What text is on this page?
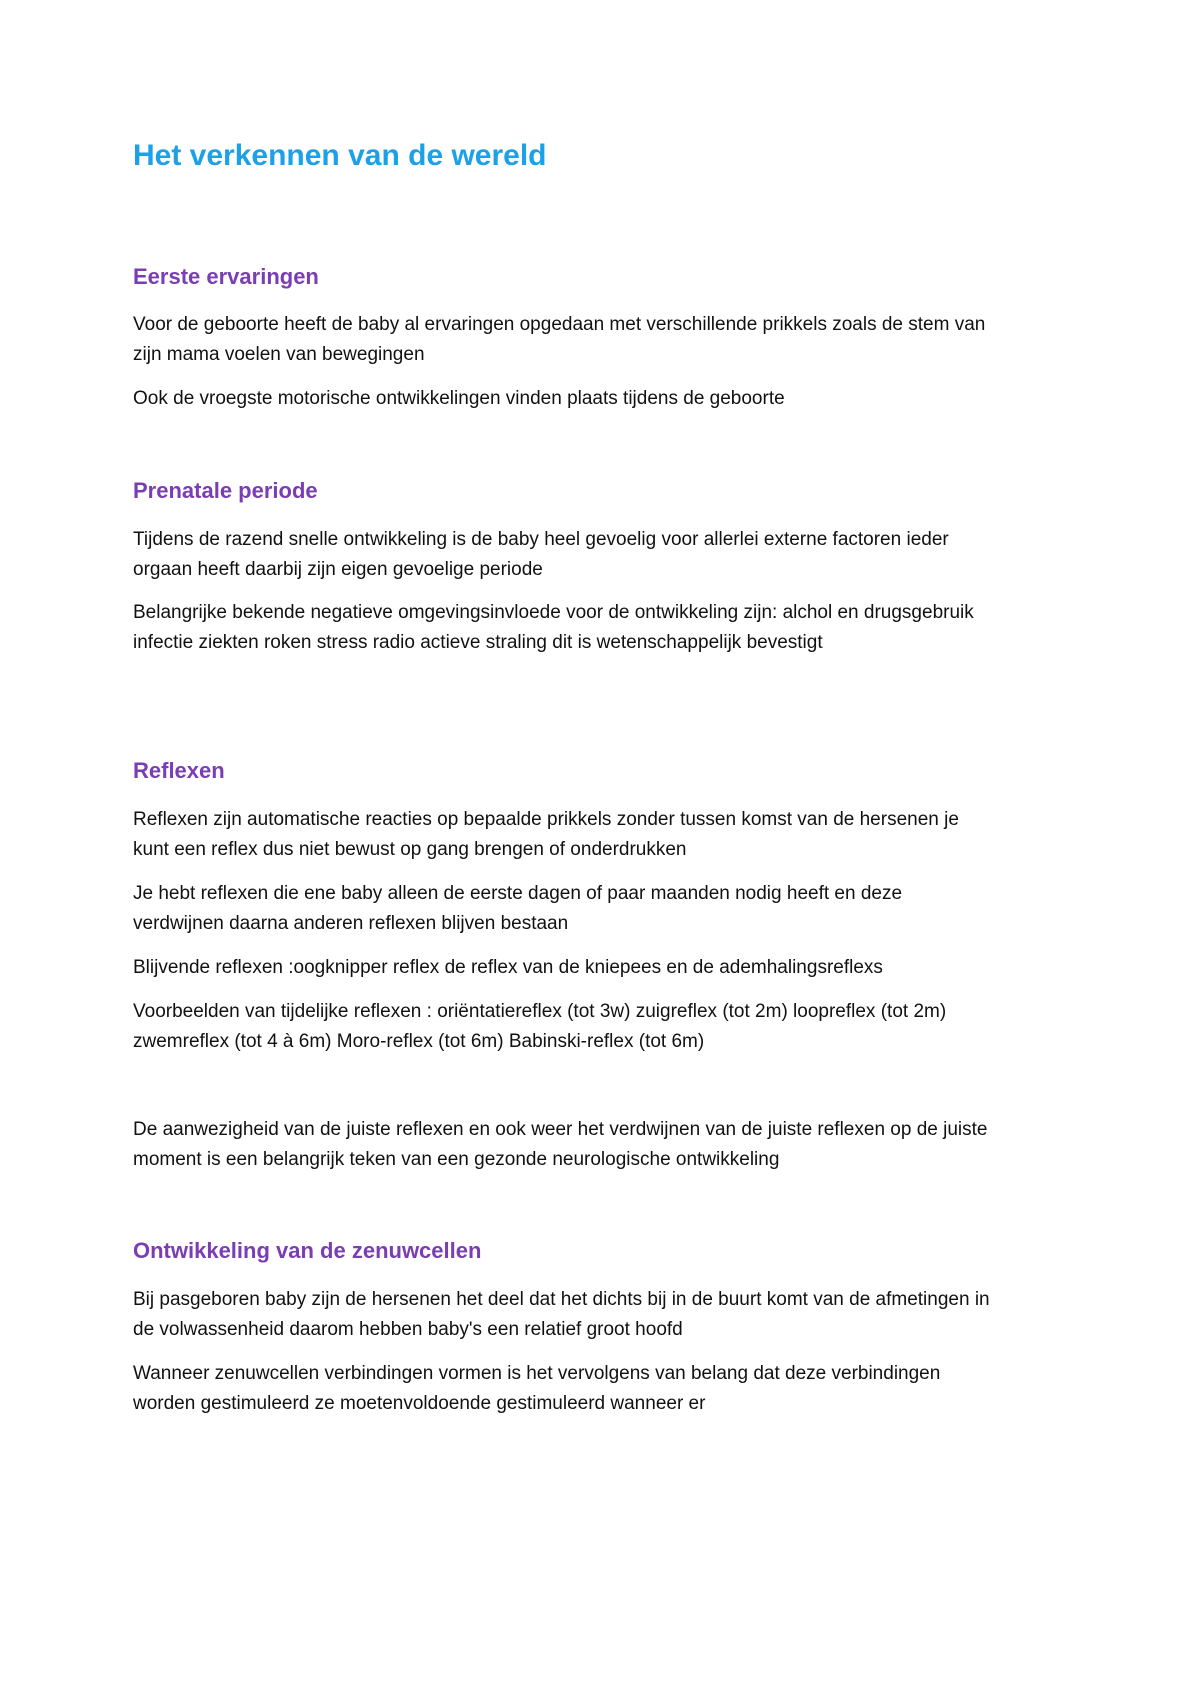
Het verkennen van de wereld
Eerste ervaringen

Voor de geboorte heeft de baby al ervaringen opgedaan met verschillende prikkels zoals de stem van zijn mama voelen van bewegingen

Ook de vroegste motorische ontwikkelingen vinden plaats tijdens de geboorte

Prenatale periode

Tijdens de razend snelle ontwikkeling is de baby heel gevoelig voor allerlei externe factoren ieder orgaan heeft daarbij zijn eigen gevoelige periode

Belangrijke bekende negatieve omgevingsinvloede voor de ontwikkeling zijn: alchol en drugsgebruik infectie ziekten roken stress radio actieve straling dit is wetenschappelijk bevestigt

Reflexen

Reflexen zijn automatische reacties op bepaalde prikkels zonder tussen komst van de hersenen je kunt een reflex dus niet bewust op gang brengen of onderdrukken

Je hebt reflexen die ene baby alleen de eerste dagen of paar maanden nodig heeft en deze verdwijnen daarna anderen reflexen blijven bestaan

Blijvende reflexen :oogknipper reflex de reflex van de kniepees en de ademhalingsreflexs

Voorbeelden van tijdelijke reflexen : oriëntatiereflex (tot 3w) zuigreflex (tot 2m) loopreflex (tot 2m) zwemreflex (tot 4 à 6m) Moro-reflex (tot 6m) Babinski-reflex (tot 6m)

De aanwezigheid van de juiste reflexen en ook weer het verdwijnen van de juiste reflexen op de juiste moment is een belangrijk teken van een gezonde neurologische ontwikkeling

Ontwikkeling van de zenuwcellen

Bij pasgeboren baby zijn de hersenen het deel dat het dichts bij in de buurt komt van de afmetingen in de volwassenheid daarom hebben baby's een relatief groot hoofd

Wanneer zenuwcellen verbindingen vormen is het vervolgens van belang dat deze verbindingen worden gestimuleerd ze moetenvoldoende gestimuleerd wanneer er
